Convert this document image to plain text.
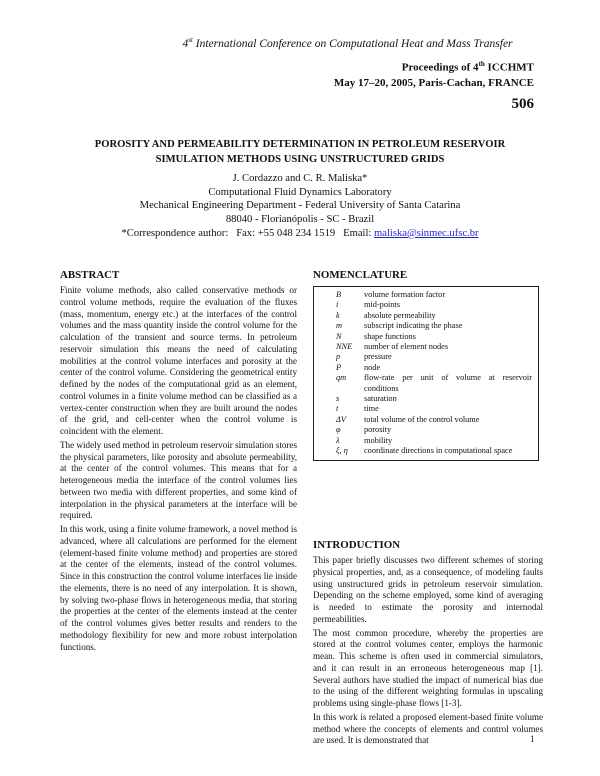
4st International Conference on Computational Heat and Mass Transfer
Proceedings of 4th ICCHMT
May 17–20, 2005, Paris-Cachan, FRANCE
506
POROSITY AND PERMEABILITY DETERMINATION IN PETROLEUM RESERVOIR
SIMULATION METHODS USING UNSTRUCTURED GRIDS
J. Cordazzo and C. R. Maliska*
Computational Fluid Dynamics Laboratory
Mechanical Engineering Department - Federal University of Santa Catarina
88040 - Florianópolis - SC - Brazil
*Correspondence author:   Fax: +55 048 234 1519   Email: maliska@sinmec.ufsc.br
ABSTRACT

Finite volume methods, also called conservative methods or control volume methods, require the evaluation of the fluxes (mass, momentum, energy etc.) at the interfaces of the control volumes and the mass quantity inside the control volume for the calculation of the transient and source terms. In petroleum reservoir simulation this means the need of calculating mobilities at the control volume interfaces and porosity at the center of the control volume. Considering the geometrical entity defined by the nodes of the computational grid as an element, control volumes in a finite volume method can be classified as a vertex-center construction when they are built around the nodes of the grid, and cell-center when the control volume is coincident with the element.

The widely used method in petroleum reservoir simulation stores the physical parameters, like porosity and absolute permeability, at the center of the control volumes. This means that for a heterogeneous media the interface of the control volumes lies between two media with different properties, and some kind of interpolation in the physical parameters at the interface will be required.

In this work, using a finite volume framework, a novel method is advanced, where all calculations are performed for the element (element-based finite volume method) and properties are stored at the center of the elements, instead of the control volumes. Since in this construction the control volume interfaces lie inside the elements, there is no need of any interpolation. It is shown, by solving two-phase flows in heterogeneous media, that storing the properties at the center of the elements instead at the center of the control volumes gives better results and renders to the methodology flexibility for new and more robust interpolation functions.

NOMENCLATURE
B	volume formation factor
i	mid-points
k	absolute permeability
m	subscript indicating the phase
N	shape functions
NNE	number of element nodes
p	pressure
P	node
qm	flow-rate per unit of volume at reservoir conditions
s	saturation
t	time
ΔV	total volume of the control volume
φ	porosity
λ	mobility
ξ, η	coordinate directions in computational space
INTRODUCTION

This paper briefly discusses two different schemes of storing physical properties, and, as a consequence, of modeling faults using unstructured grids in petroleum reservoir simulation. Depending on the scheme employed, some kind of averaging is needed to estimate the porosity and internodal permeabilities.

The most common procedure, whereby the properties are stored at the control volumes center, employs the harmonic mean. This scheme is often used in commercial simulators, and it can result in an erroneous heterogeneous map [1]. Several authors have studied the impact of numerical bias due to the using of the different weighting formulas in upscaling problems using single-phase flows [1-3].

In this work is related a proposed element-based finite volume method where the concepts of elements and control volumes are used. It is demonstrated that	1
